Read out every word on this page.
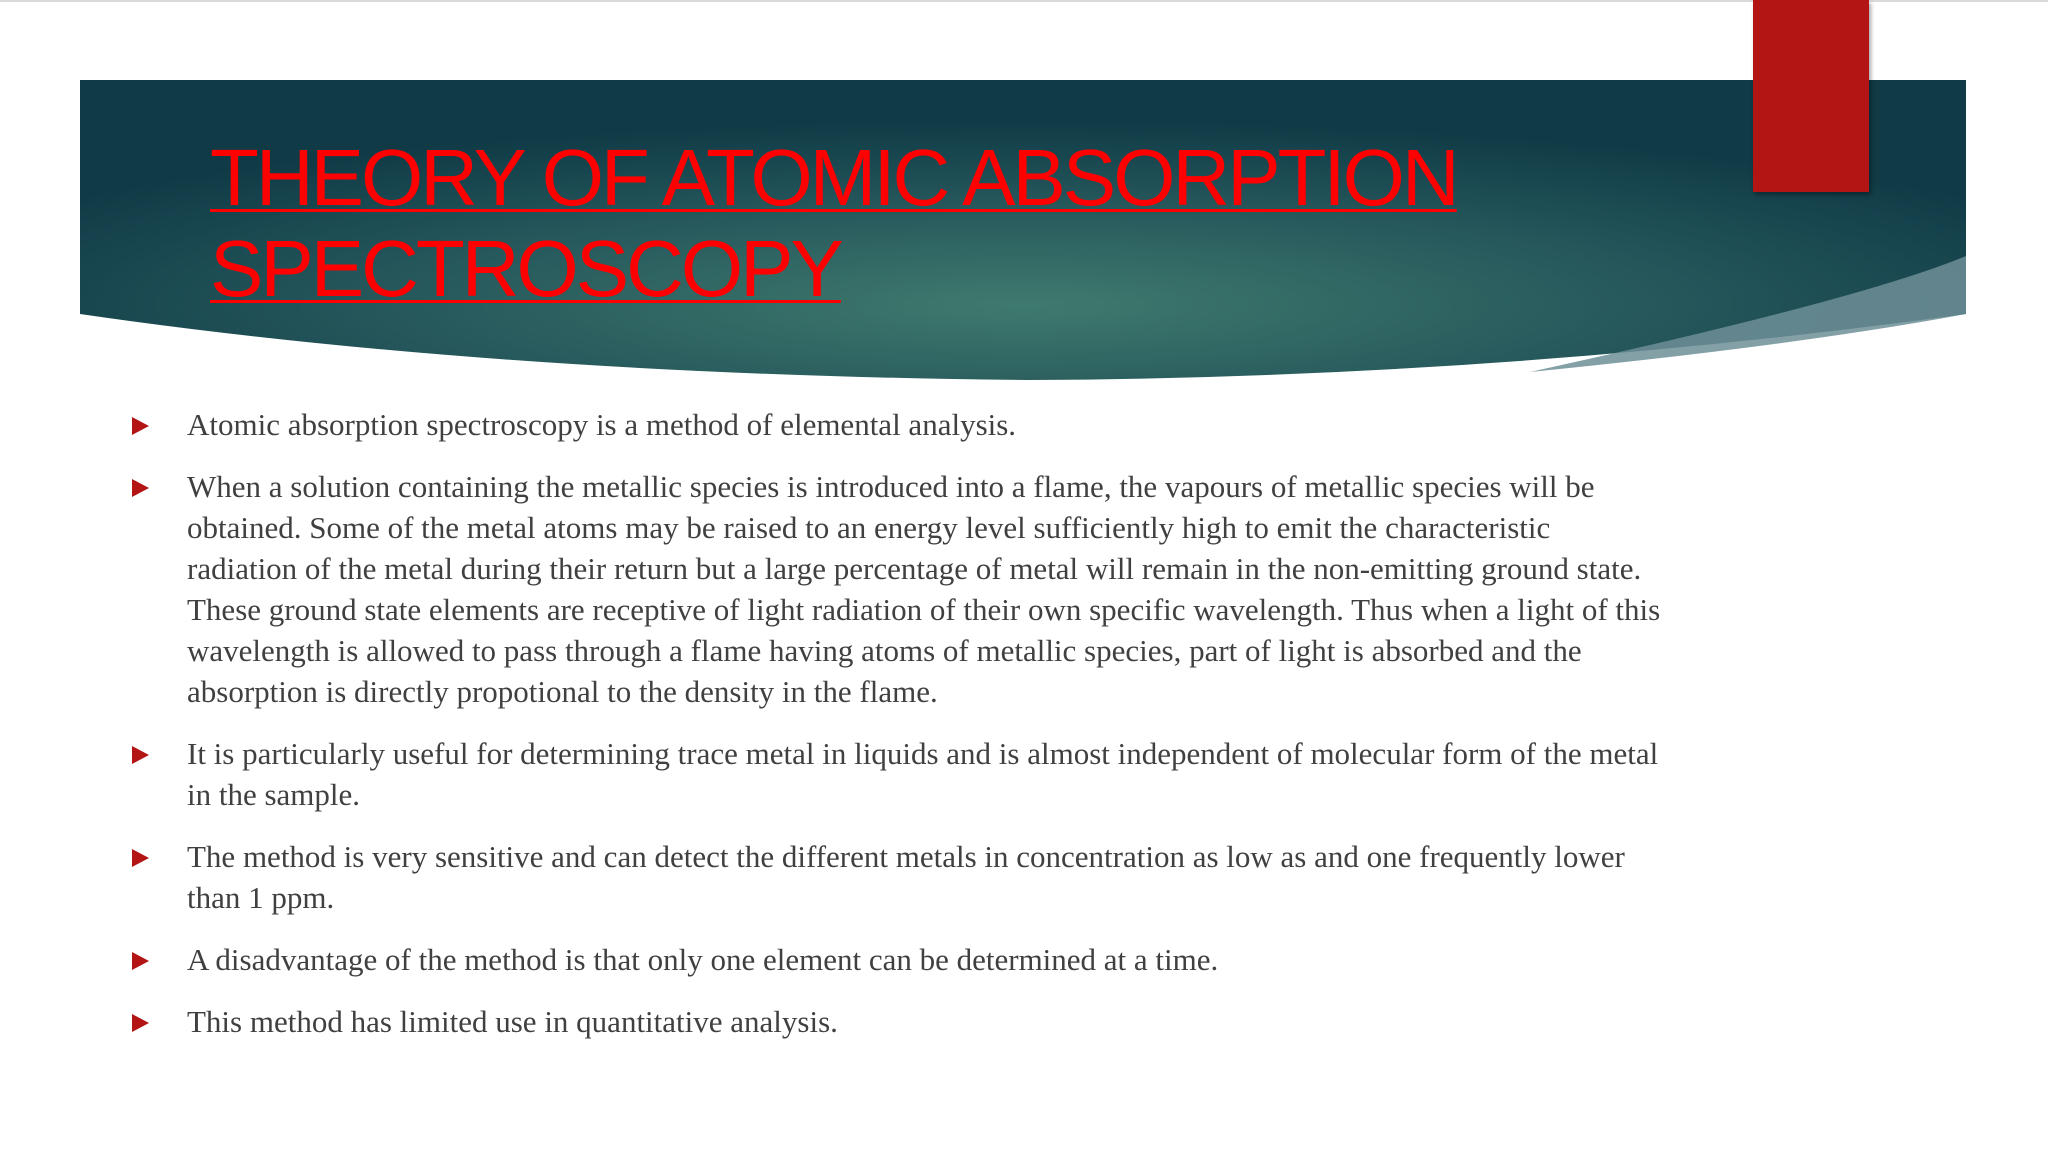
THEORY OF ATOMIC ABSORPTION
SPECTROSCOPY
Atomic absorption spectroscopy is a method of elemental analysis.
When a solution containing the metallic species is introduced into a flame, the vapours of metallic species will be obtained. Some of the metal atoms may be raised to an energy level sufficiently high to emit the characteristic radiation of the metal during their return but a large percentage of metal will remain in the non-emitting ground state. These ground state elements are receptive of light radiation of their own specific wavelength. Thus when a light of this wavelength is allowed to pass through a flame having atoms of metallic species, part of light is absorbed and the absorption is directly propotional to the density in the flame.
It is particularly useful for determining trace metal in liquids and is almost independent of molecular form of the metal in the sample.
The method is very sensitive and can detect the different metals in concentration as low as and one frequently lower than 1 ppm.
A disadvantage of the method is that only one element can be determined at a time.
This method has limited use in quantitative analysis.
